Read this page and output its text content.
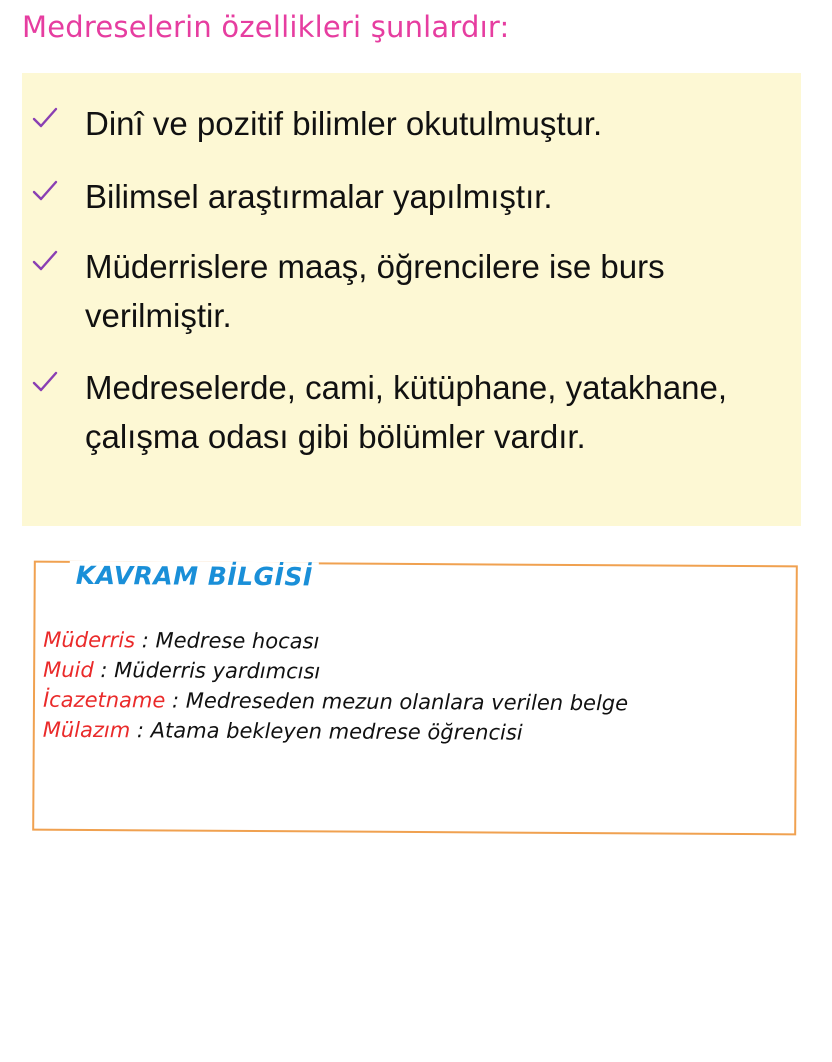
Medreselerin özellikleri şunlardır:
Dinî ve pozitif bilimler okutulmuştur.
Bilimsel araştırmalar yapılmıştır.
Müderrislere maaş, öğrencilere ise burs verilmiştir.
Medreselerde, cami, kütüphane, yatakhane, çalışma odası gibi bölümler vardır.
KAVRAM BİLGİSİ
Müderris : Medrese hocası
Muid : Müderris yardımcısı
İcazetname : Medreseden mezun olanlara verilen belge
Mülazım : Atama bekleyen medrese öğrencisi
